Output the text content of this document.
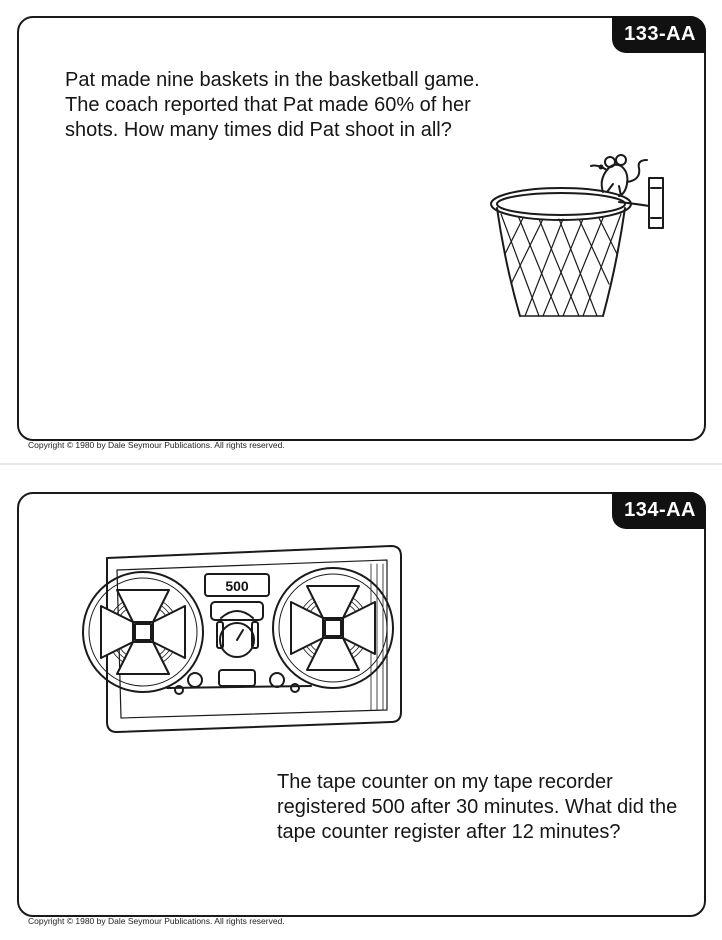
133-AA
Pat made nine baskets in the basketball game. The coach reported that Pat made 60% of her shots. How many times did Pat shoot in all?
Copyright © 1980 by Dale Seymour Publications. All rights reserved.
134-AA
500
The tape counter on my tape recorder registered 500 after 30 minutes. What did the tape counter register after 12 minutes?
Copyright © 1980 by Dale Seymour Publications. All rights reserved.
